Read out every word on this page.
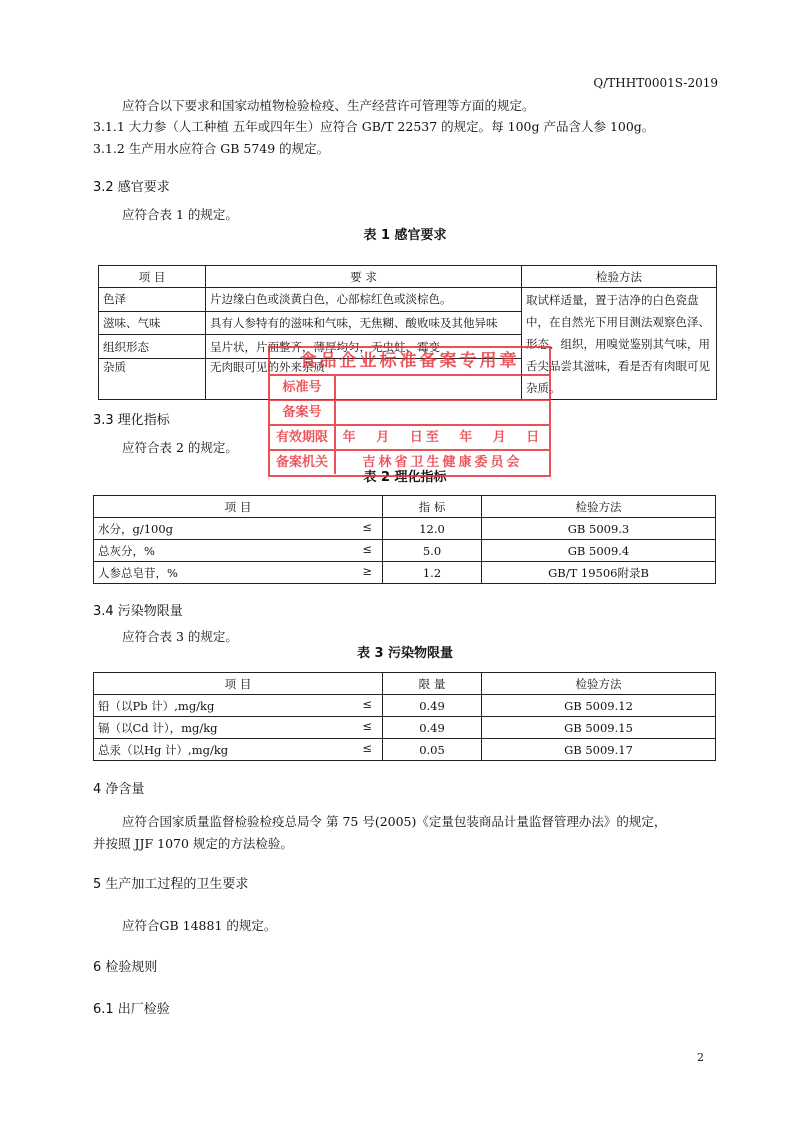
Q/THHT0001S-2019
应符合以下要求和国家动植物检验检疫、生产经营许可管理等方面的规定。
3.1.1 大力参（人工种植 五年或四年生）应符合 GB/T 22537 的规定。每 100g 产品含人参 100g。
3.1.2 生产用水应符合 GB 5749 的规定。
3.2 感官要求
应符合表 1 的规定。
表 1 感官要求
项 目	要 求	检验方法
色泽	片边缘白色或淡黄白色，心部棕红色或淡棕色。	取试样适量，置于洁净的白色瓷盘中，在自然光下用目测法观察色泽、形态、组织，用嗅觉鉴别其气味，用舌尖品尝其滋味，看是否有肉眼可见杂质。
滋味、气味	具有人参特有的滋味和气味，无焦糊、酸败味及其他异味	
组织形态	呈片状，片面整齐，薄厚均匀，无虫蛀、霉变	
杂质	无肉眼可见的外来杂质	
3.3 理化指标
应符合表 2 的规定。
表 2 理化指标
项 目	指 标	检验方法
水分，g/100g ≤	12.0	GB 5009.3
总灰分，% ≤	5.0	GB 5009.4
人参总皂苷，% ≥	1.2	GB/T 19506附录B
3.4 污染物限量
应符合表 3 的规定。
表 3 污染物限量
项 目	限 量	检验方法
铅（以Pb 计）,mg/kg ≤	0.49	GB 5009.12
镉（以Cd 计），mg/kg ≤	0.49	GB 5009.15
总汞（以Hg 计）,mg/kg ≤	0.05	GB 5009.17
4 净含量
应符合国家质量监督检验检疫总局令 第 75 号(2005)《定量包装商品计量监督管理办法》的规定，
并按照 JJF 1070 规定的方法检验。
5 生产加工过程的卫生要求
应符合GB 14881 的规定。
6 检验规则
6.1 出厂检验
2
食品企业标准备案专用章
标准号
备案号
有效期限	年 月 日至 年 月 日
备案机关	吉林省卫生健康委员会
